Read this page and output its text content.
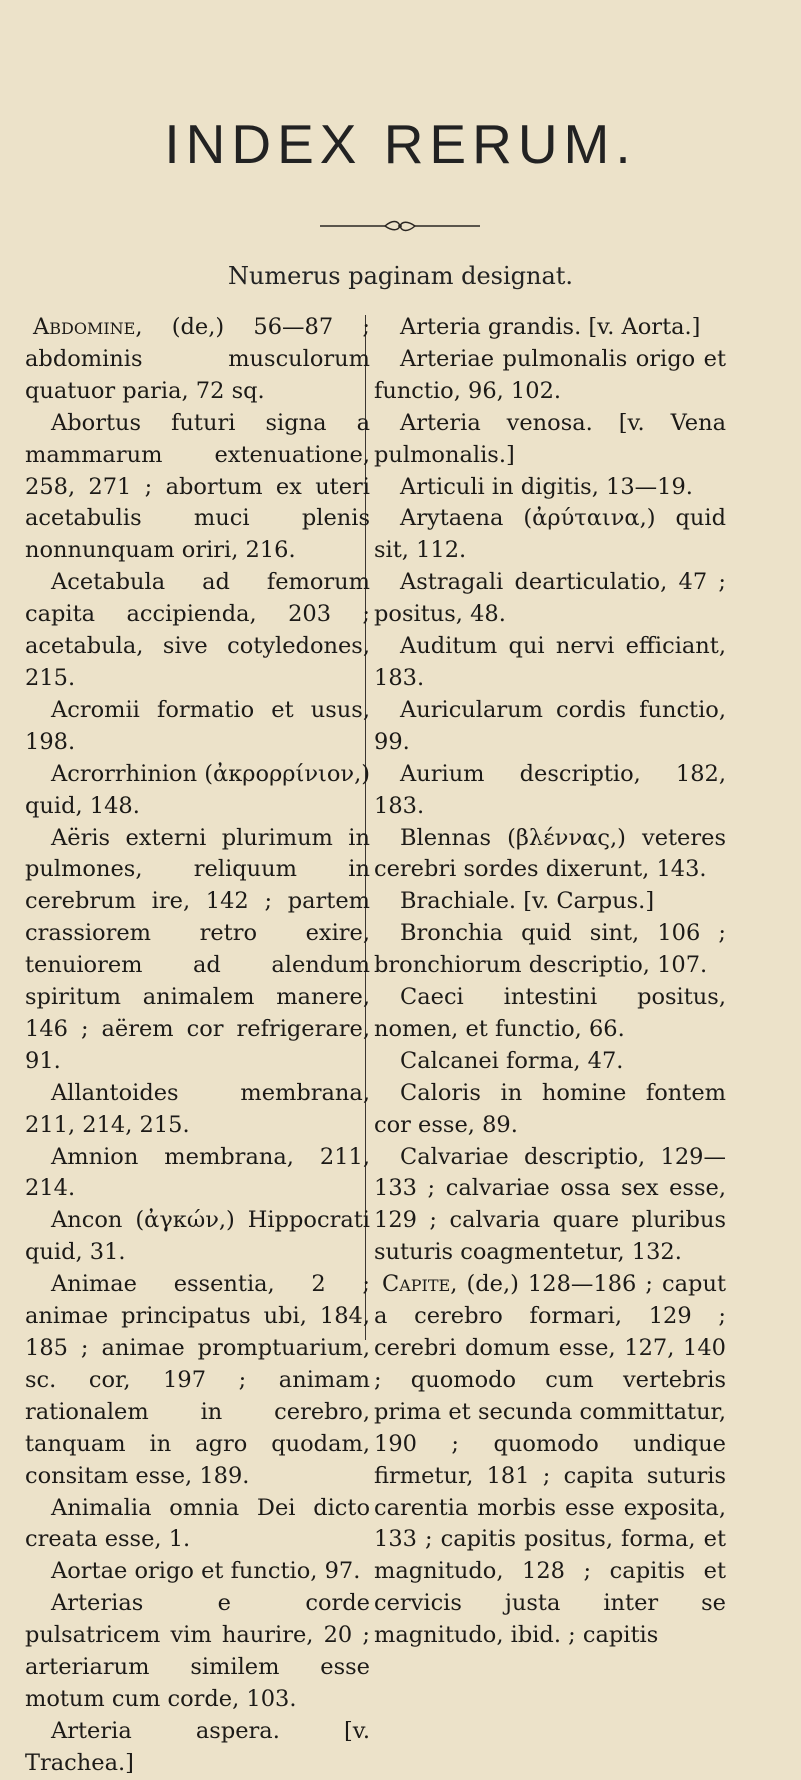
INDEX RERUM.
Numerus paginam designat.

Abdomine, (de,) 56—87 ; abdominis musculorum quatuor paria, 72 sq.

Abortus futuri signa a mammarum extenuatione, 258, 271 ; abortum ex uteri acetabulis muci plenis nonnunquam oriri, 216.

Acetabula ad femorum capita accipienda, 203 ; acetabula, sive cotyledones, 215.

Acromii formatio et usus, 198.

Acrorrhinion (ἀκρορρίνιον,) quid, 148.

Aëris externi plurimum in pulmones, reliquum in cerebrum ire, 142 ; partem crassiorem retro exire, tenuiorem ad alendum spiritum animalem manere, 146 ; aërem cor refrigerare, 91.

Allantoides membrana, 211, 214, 215.

Amnion membrana, 211, 214.

Ancon (ἀγκών,) Hippocrati quid, 31.

Animae essentia, 2 ; animae principatus ubi, 184, 185 ; animae promptuarium, sc. cor, 197 ; animam rationalem in cerebro, tanquam in agro quodam, consitam esse, 189.

Animalia omnia Dei dicto creata esse, 1.

Aortae origo et functio, 97.

Arterias e corde pulsatricem vim haurire, 20 ; arteriarum similem esse motum cum corde, 103.

Arteria aspera. [v. Trachea.]

Arteria grandis. [v. Aorta.]

Arteriae pulmonalis origo et functio, 96, 102.

Arteria venosa. [v. Vena pulmonalis.]

Articuli in digitis, 13—19.

Arytaena (ἀρύταινα,) quid sit, 112.

Astragali dearticulatio, 47 ; positus, 48.

Auditum qui nervi efficiant, 183.

Auricularum cordis functio, 99.

Aurium descriptio, 182, 183.

Blennas (βλέννας,) veteres cerebri sordes dixerunt, 143.

Brachiale. [v. Carpus.]

Bronchia quid sint, 106 ; bronchiorum descriptio, 107.

Caeci intestini positus, nomen, et functio, 66.

Calcanei forma, 47.

Caloris in homine fontem cor esse, 89.

Calvariae descriptio, 129—133 ; calvariae ossa sex esse, 129 ; calvaria quare pluribus suturis coagmentetur, 132.

Capite, (de,) 128—186 ; caput a cerebro formari, 129 ; cerebri domum esse, 127, 140 ; quomodo cum vertebris prima et secunda committatur, 190 ; quomodo undique firmetur, 181 ; capita suturis carentia morbis esse exposita, 133 ; capitis positus, forma, et magnitudo, 128 ; capitis et cervicis justa inter se magnitudo, ibid. ; capitis
